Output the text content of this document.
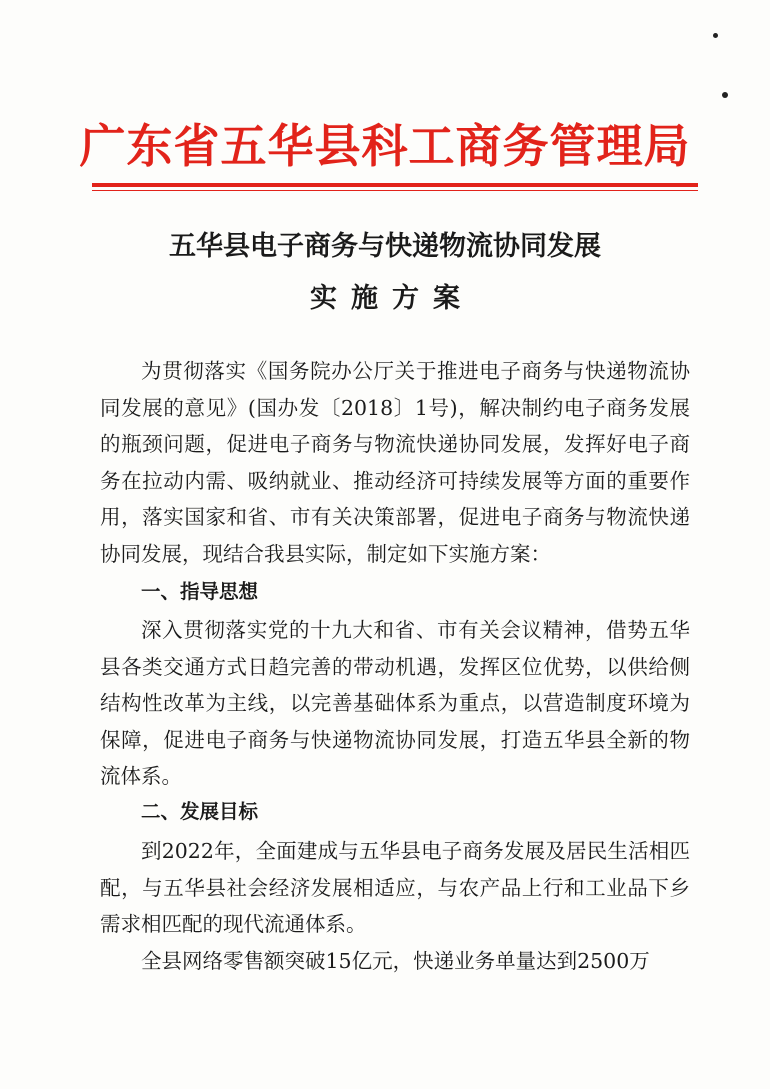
广东省五华县科工商务管理局
五华县电子商务与快递物流协同发展
实施方案

为贯彻落实《国务院办公厅关于推进电子商务与快递物流协同发展的意见》(国办发〔2018〕1号)，解决制约电子商务发展的瓶颈问题，促进电子商务与物流快递协同发展，发挥好电子商务在拉动内需、吸纳就业、推动经济可持续发展等方面的重要作用，落实国家和省、市有关决策部署，促进电子商务与物流快递协同发展，现结合我县实际，制定如下实施方案：

一、指导思想

深入贯彻落实党的十九大和省、市有关会议精神，借势五华县各类交通方式日趋完善的带动机遇，发挥区位优势，以供给侧结构性改革为主线，以完善基础体系为重点，以营造制度环境为保障，促进电子商务与快递物流协同发展，打造五华县全新的物流体系。

二、发展目标

到2022年，全面建成与五华县电子商务发展及居民生活相匹配，与五华县社会经济发展相适应，与农产品上行和工业品下乡需求相匹配的现代流通体系。

全县网络零售额突破15亿元，快递业务单量达到2500万
